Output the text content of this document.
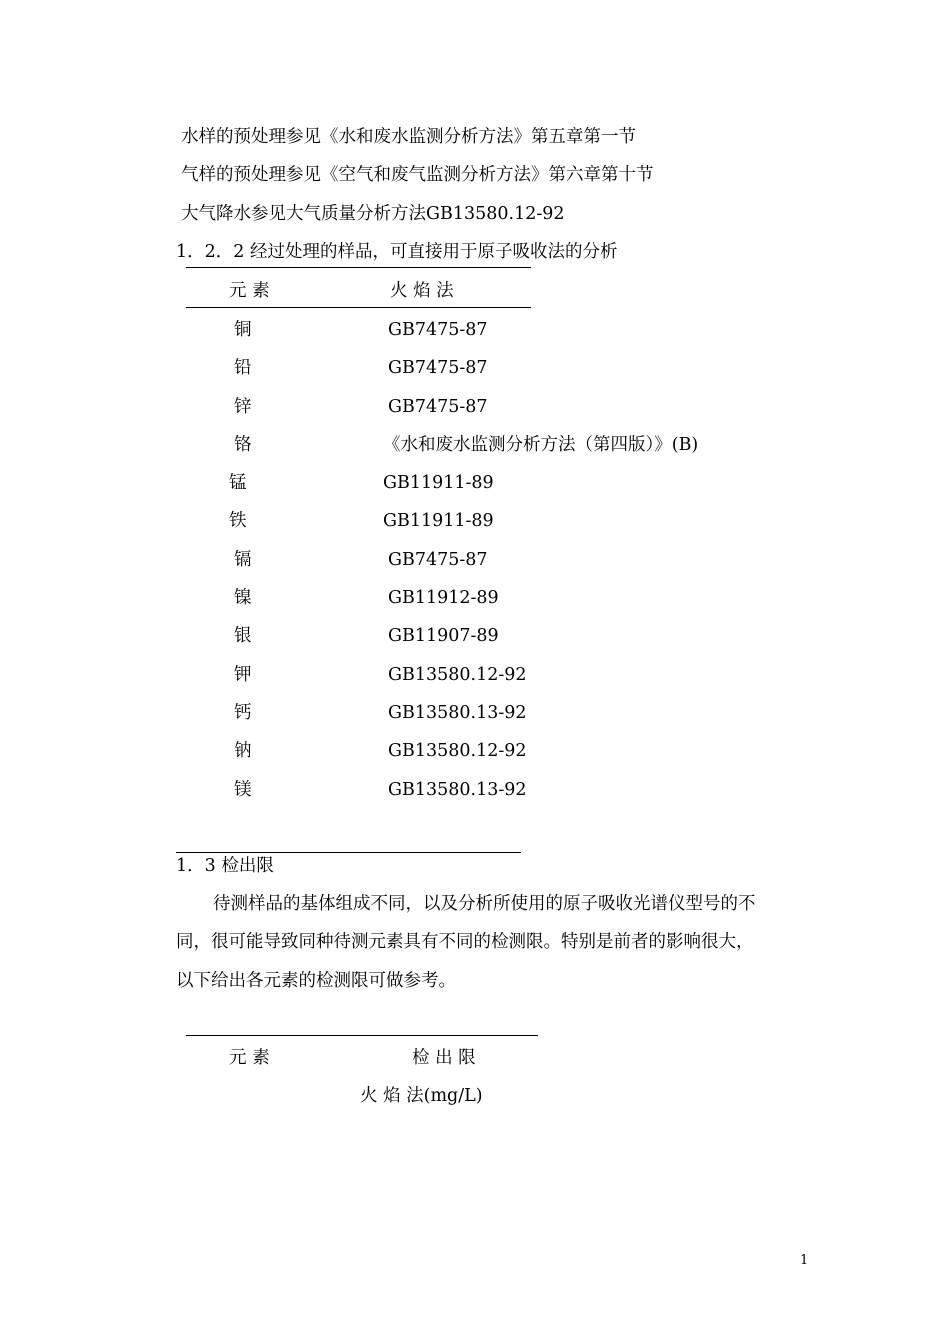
水样的预处理参见《水和废水监测分析方法》第五章第一节
气样的预处理参见《空气和废气监测分析方法》第六章第十节
大气降水参见大气质量分析方法GB13580.12-92
1．2．2 经过处理的样品，可直接用于原子吸收法的分析
元 素	火 焰 法
铜	GB7475-87
铅	GB7475-87
锌	GB7475-87
铬	《水和废水监测分析方法（第四版）》(B)
锰	GB11911-89
铁	GB11911-89
镉	GB7475-87
镍	GB11912-89
银	GB11907-89
钾	GB13580.12-92
钙	GB13580.13-92
钠	GB13580.12-92
镁	GB13580.13-92
1．3 检出限
待测样品的基体组成不同，以及分析所使用的原子吸收光谱仪型号的不
同，很可能导致同种待测元素具有不同的检测限。特别是前者的影响很大，
以下给出各元素的检测限可做参考。
元 素	检 出 限
火 焰 法(mg/L)
1
